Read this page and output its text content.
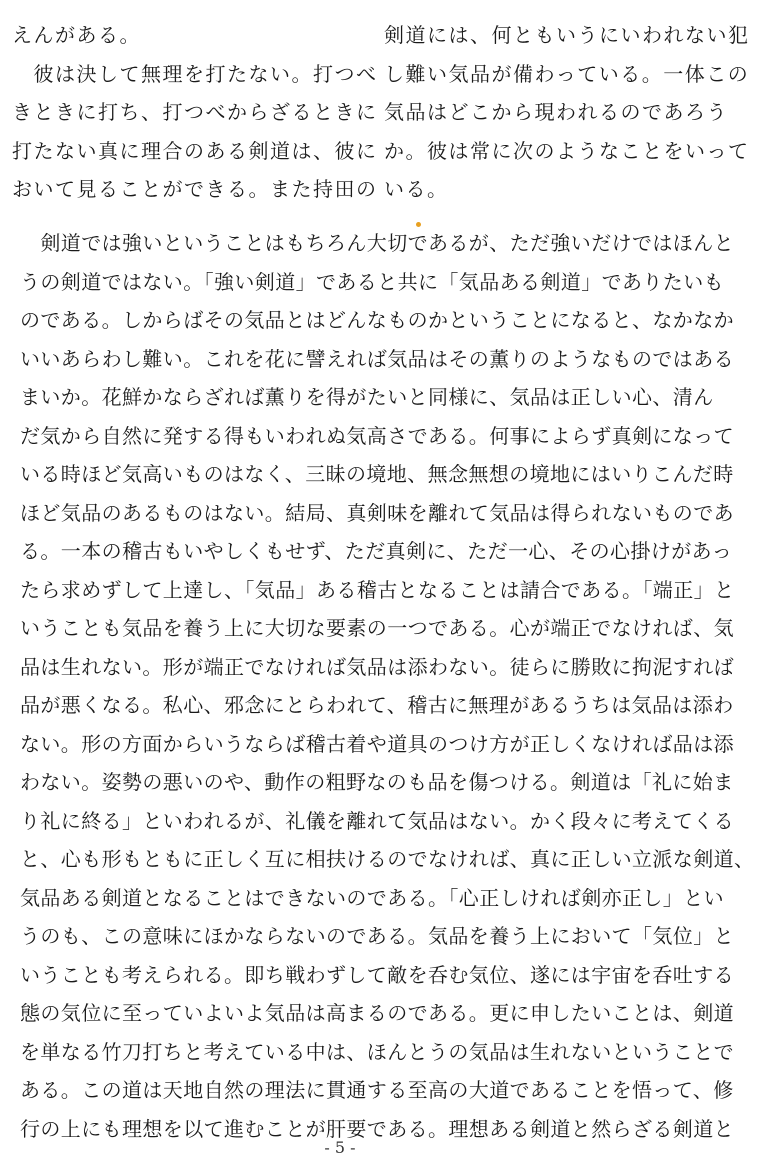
えんがある。

　彼は決して無理を打たない。打つべ

きときに打ち、打つべからざるときに

打たない真に理合のある剣道は、彼に

おいて見ることができる。また持田の

剣道には、何ともいうにいわれない犯

し難い気品が備わっている。一体この

気品はどこから現われるのであろう

か。彼は常に次のようなことをいって

いる。

　剣道では強いということはもちろん大切であるが、ただ強いだけではほんと

うの剣道ではない。「強い剣道」であると共に「気品ある剣道」でありたいも

のである。しからばその気品とはどんなものかということになると、なかなか

いいあらわし難い。これを花に譬えれば気品はその薫りのようなものではある

まいか。花鮮かならざれば薫りを得がたいと同様に、気品は正しい心、清ん

だ気から自然に発する得もいわれぬ気高さである。何事によらず真剣になって

いる時ほど気高いものはなく、三昧の境地、無念無想の境地にはいりこんだ時

ほど気品のあるものはない。結局、真剣味を離れて気品は得られないものであ

る。一本の稽古もいやしくもせず、ただ真剣に、ただ一心、その心掛けがあっ

たら求めずして上達し、「気品」ある稽古となることは請合である。「端正」と

いうことも気品を養う上に大切な要素の一つである。心が端正でなければ、気

品は生れない。形が端正でなければ気品は添わない。徒らに勝敗に拘泥すれば

品が悪くなる。私心、邪念にとらわれて、稽古に無理があるうちは気品は添わ

ない。形の方面からいうならば稽古着や道具のつけ方が正しくなければ品は添

わない。姿勢の悪いのや、動作の粗野なのも品を傷つける。剣道は「礼に始ま

り礼に終る」といわれるが、礼儀を離れて気品はない。かく段々に考えてくる

と、心も形もともに正しく互に相扶けるのでなければ、真に正しい立派な剣道、

気品ある剣道となることはできないのである。「心正しければ剣亦正し」とい

うのも、この意味にほかならないのである。気品を養う上において「気位」と

いうことも考えられる。即ち戦わずして敵を呑む気位、遂には宇宙を呑吐する

態の気位に至っていよいよ気品は高まるのである。更に申したいことは、剣道

を単なる竹刀打ちと考えている中は、ほんとうの気品は生れないということで

ある。この道は天地自然の理法に貫通する至高の大道であることを悟って、修

行の上にも理想を以て進むことが肝要である。理想ある剣道と然らざる剣道と

- 5 -
